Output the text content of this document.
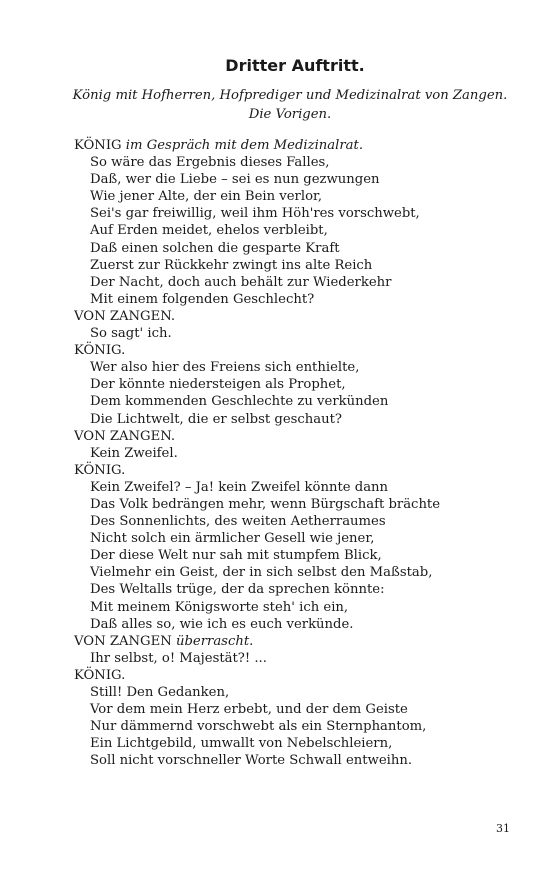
Dritter Auftritt.
König mit Hofherren, Hofprediger und Medizinalrat von Zangen. Die Vorigen.
KÖNIG im Gespräch mit dem Medizinalrat.
So wäre das Ergebnis dieses Falles,
Daß, wer die Liebe – sei es nun gezwungen
Wie jener Alte, der ein Bein verlor,
Sei's gar freiwillig, weil ihm Höh'res vorschwebt,
Auf Erden meidet, ehelos verbleibt,
Daß einen solchen die gesparte Kraft
Zuerst zur Rückkehr zwingt ins alte Reich
Der Nacht, doch auch behält zur Wiederkehr
Mit einem folgenden Geschlecht?
VON ZANGEN.
So sagt' ich.
KÖNIG.
Wer also hier des Freiens sich enthielte,
Der könnte niedersteigen als Prophet,
Dem kommenden Geschlechte zu verkünden
Die Lichtwelt, die er selbst geschaut?
VON ZANGEN.
Kein Zweifel.
KÖNIG.
Kein Zweifel? – Ja! kein Zweifel könnte dann
Das Volk bedrängen mehr, wenn Bürgschaft brächte
Des Sonnenlichts, des weiten Aetherraumes
Nicht solch ein ärmlicher Gesell wie jener,
Der diese Welt nur sah mit stumpfem Blick,
Vielmehr ein Geist, der in sich selbst den Maßstab,
Des Weltalls trüge, der da sprechen könnte:
Mit meinem Königsworte steh' ich ein,
Daß alles so, wie ich es euch verkünde.
VON ZANGEN überrascht.
Ihr selbst, o! Majestät?! ...
KÖNIG.
Still! Den Gedanken,
Vor dem mein Herz erbebt, und der dem Geiste
Nur dämmernd vorschwebt als ein Sternphantom,
Ein Lichtgebild, umwallt von Nebelschleiern,
Soll nicht vorschneller Worte Schwall entweihn.
31
